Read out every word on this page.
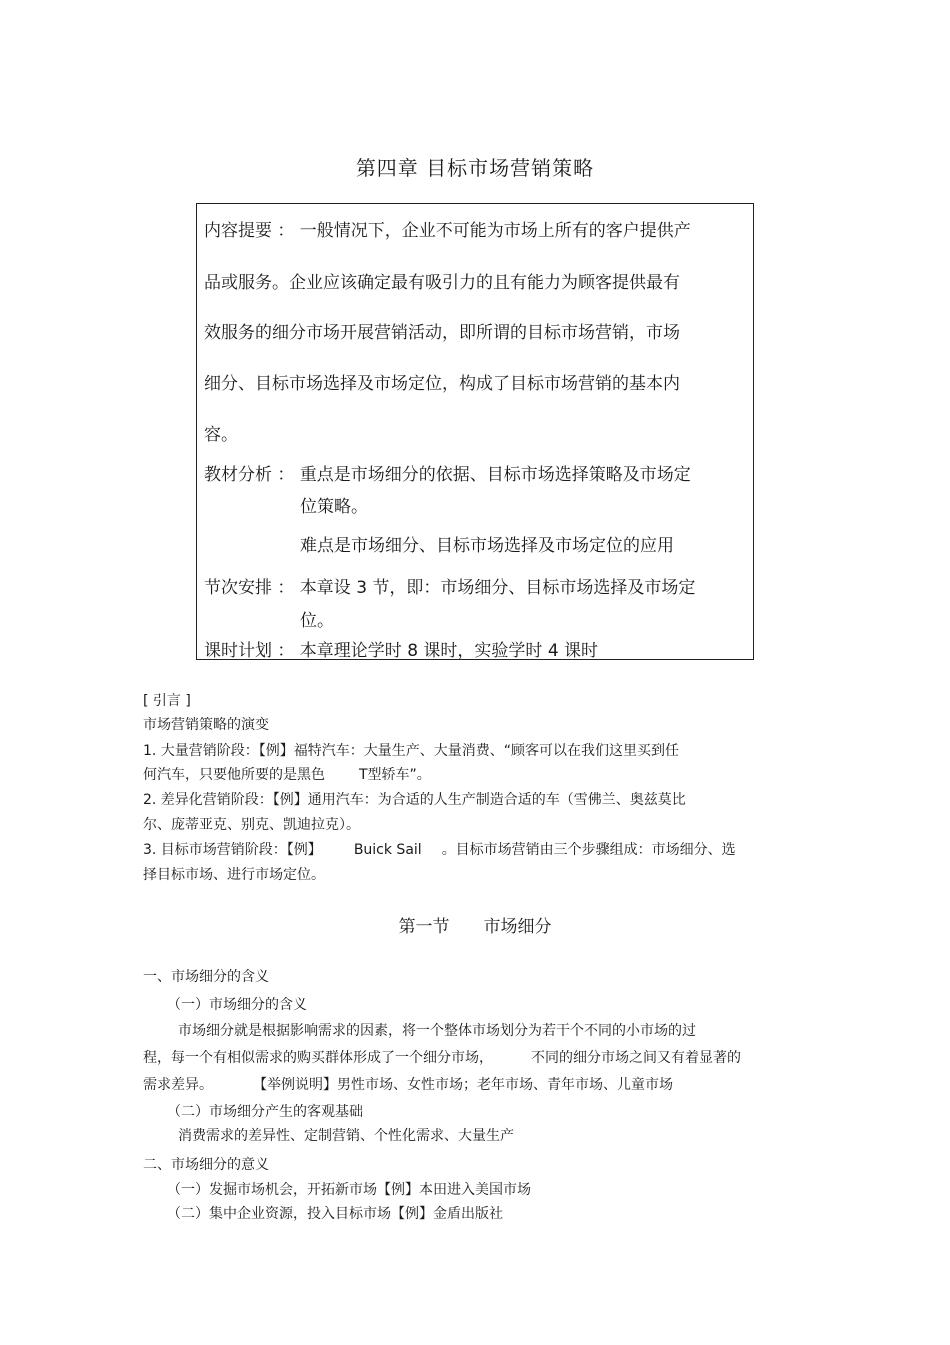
第四章 目标市场营销策略
内容提要 ： 一般情况下，企业不可能为市场上所有的客户提供产
品或服务。企业应该确定最有吸引力的且有能力为顾客提供最有
效服务的细分市场开展营销活动，即所谓的目标市场营销，市场
细分、目标市场选择及市场定位，构成了目标市场营销的基本内
容。
教材分析 ： 重点是市场细分的依据、目标市场选择策略及市场定
位策略。
难点是市场细分、目标市场选择及市场定位的应用
节次安排 ： 本章设 3 节，即：市场细分、目标市场选择及市场定
位。
课时计划 ： 本章理论学时 8 课时，实验学时 4 课时
[ 引言 ]
市场营销策略的演变
1. 大量营销阶段：【例】福特汽车：大量生产、大量消费、“顾客可以在我们这里买到任
何汽车，只要他所要的是黑色 T型轿车”。
2. 差异化营销阶段：【例】通用汽车：为合适的人生产制造合适的车（雪佛兰、奥兹莫比
尔、庞蒂亚克、别克、凯迪拉克）。
3. 目标市场营销阶段：【例】 Buick Sail 。目标市场营销由三个步骤组成：市场细分、选
择目标市场、进行市场定位。
第一节 市场细分
一、市场细分的含义
（一）市场细分的含义
市场细分就是根据影响需求的因素，将一个整体市场划分为若干个不同的小市场的过
程，每一个有相似需求的购买群体形成了一个细分市场，	不同的细分市场之间又有着显著的
需求差异。	【举例说明】男性市场、女性市场；老年市场、青年市场、儿童市场
（二）市场细分产生的客观基础
消费需求的差异性、定制营销、个性化需求、大量生产
二、市场细分的意义
（一）发掘市场机会，开拓新市场【例】本田进入美国市场
（二）集中企业资源，投入目标市场【例】金盾出版社
